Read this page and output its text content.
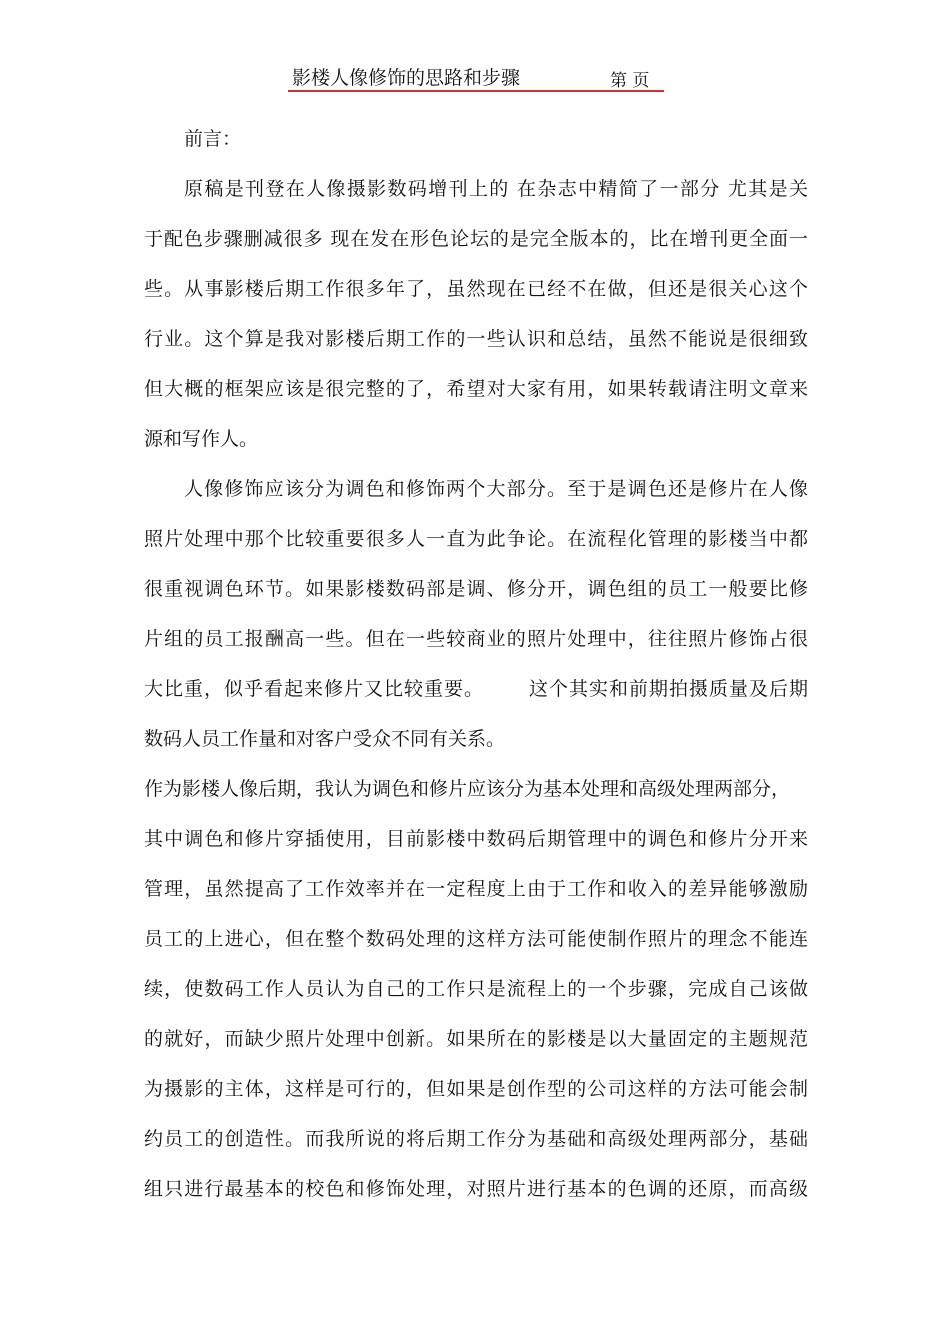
影楼人像修饰的思路和步骤	第 页
前言：
原稿是刊登在人像摄影数码增刊上的 在杂志中精简了一部分 尤其是关
于配色步骤删减很多 现在发在形色论坛的是完全版本的，比在增刊更全面一
些。从事影楼后期工作很多年了，虽然现在已经不在做，但还是很关心这个
行业。这个算是我对影楼后期工作的一些认识和总结，虽然不能说是很细致
但大概的框架应该是很完整的了，希望对大家有用，如果转载请注明文章来
源和写作人。
人像修饰应该分为调色和修饰两个大部分。至于是调色还是修片在人像
照片处理中那个比较重要很多人一直为此争论。在流程化管理的影楼当中都
很重视调色环节。如果影楼数码部是调、修分开，调色组的员工一般要比修
片组的员工报酬高一些。但在一些较商业的照片处理中，往往照片修饰占很
大比重，似乎看起来修片又比较重要。 这个其实和前期拍摄质量及后期
数码人员工作量和对客户受众不同有关系。
作为影楼人像后期，我认为调色和修片应该分为基本处理和高级处理两部分，
其中调色和修片穿插使用，目前影楼中数码后期管理中的调色和修片分开来
管理，虽然提高了工作效率并在一定程度上由于工作和收入的差异能够激励
员工的上进心，但在整个数码处理的这样方法可能使制作照片的理念不能连
续，使数码工作人员认为自己的工作只是流程上的一个步骤，完成自己该做
的就好，而缺少照片处理中创新。如果所在的影楼是以大量固定的主题规范
为摄影的主体，这样是可行的，但如果是创作型的公司这样的方法可能会制
约员工的创造性。而我所说的将后期工作分为基础和高级处理两部分，基础
组只进行最基本的校色和修饰处理，对照片进行基本的色调的还原，而高级
